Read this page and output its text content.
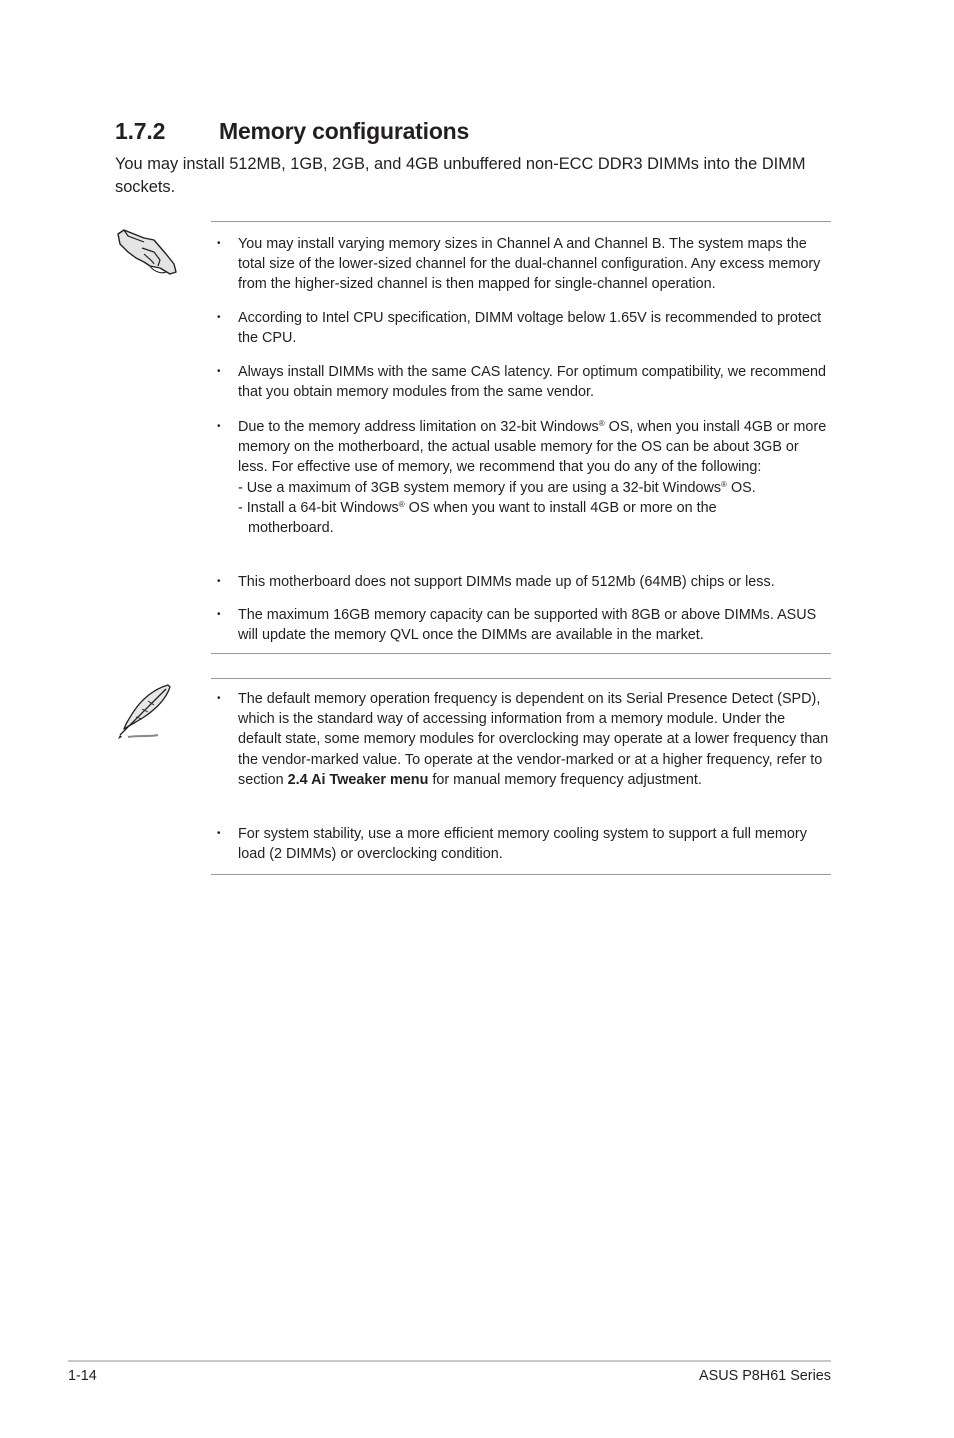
1.7.2 Memory configurations

You may install 512MB, 1GB, 2GB, and 4GB unbuffered non-ECC DDR3 DIMMs into the DIMM sockets.

• You may install varying memory sizes in Channel A and Channel B. The system maps the total size of the lower-sized channel for the dual-channel configuration. Any excess memory from the higher-sized channel is then mapped for single-channel operation.
• According to Intel CPU specification, DIMM voltage below 1.65V is recommended to protect the CPU.
• Always install DIMMs with the same CAS latency. For optimum compatibility, we recommend that you obtain memory modules from the same vendor.
• Due to the memory address limitation on 32-bit Windows® OS, when you install 4GB or more memory on the motherboard, the actual usable memory for the OS can be about 3GB or less. For effective use of memory, we recommend that you do any of the following:
- Use a maximum of 3GB system memory if you are using a 32-bit Windows® OS.
- Install a 64-bit Windows® OS when you want to install 4GB or more on the
motherboard.
• This motherboard does not support DIMMs made up of 512Mb (64MB) chips or less.
• The maximum 16GB memory capacity can be supported with 8GB or above DIMMs. ASUS will update the memory QVL once the DIMMs are available in the market.
• The default memory operation frequency is dependent on its Serial Presence Detect (SPD), which is the standard way of accessing information from a memory module. Under the default state, some memory modules for overclocking may operate at a lower frequency than the vendor-marked value. To operate at the vendor-marked or at a higher frequency, refer to section 2.4 Ai Tweaker menu for manual memory frequency adjustment.
• For system stability, use a more efficient memory cooling system to support a full memory load (2 DIMMs) or overclocking condition.
1-14	ASUS P8H61 Series
